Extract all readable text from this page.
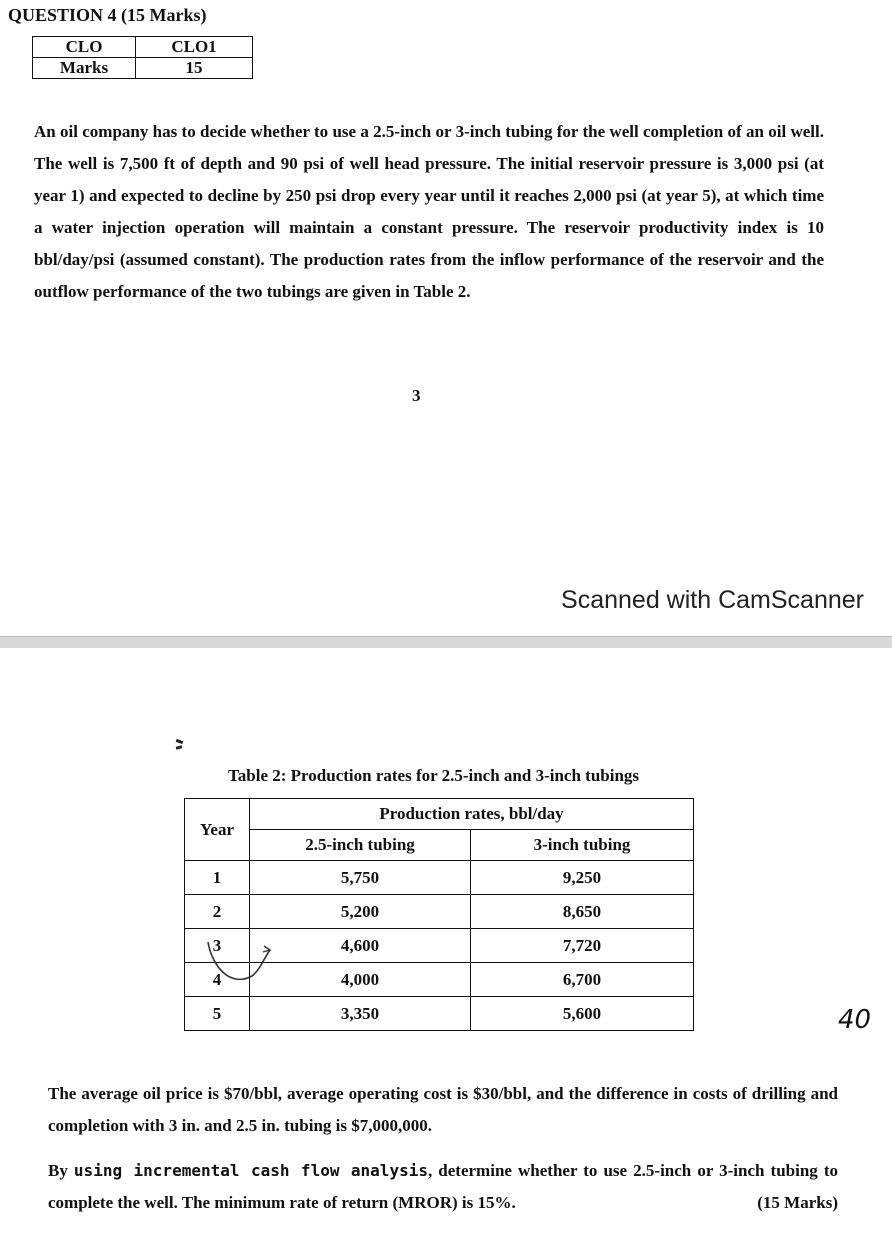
QUESTION 4 (15 Marks)
CLO	CLO1
Marks	15

An oil company has to decide whether to use a 2.5-inch or 3-inch tubing for the well completion of an oil well. The well is 7,500 ft of depth and 90 psi of well head pressure. The initial reservoir pressure is 3,000 psi (at year 1) and expected to decline by 250 psi drop every year until it reaches 2,000 psi (at year 5), at which time a water injection operation will maintain a constant pressure. The reservoir productivity index is 10 bbl/day/psi (assumed constant). The production rates from the inflow performance of the reservoir and the outflow performance of the two tubings are given in Table 2.

3
Scanned with CamScanner
Table 2: Production rates for 2.5-inch and 3-inch tubings
Year	Production rates, bbl/day	
	2.5-inch tubing	3-inch tubing
1	5,750	9,250
2	5,200	8,650
3	4,600	7,720
4	4,000	6,700
5	3,350	5,600	40

The average oil price is $70/bbl, average operating cost is $30/bbl, and the difference in costs of drilling and completion with 3 in. and 2.5 in. tubing is $7,000,000.

By using incremental cash flow analysis, determine whether to use 2.5-inch or 3-inch tubing to complete the well. The minimum rate of return (MROR) is 15%.	(15 Marks)
